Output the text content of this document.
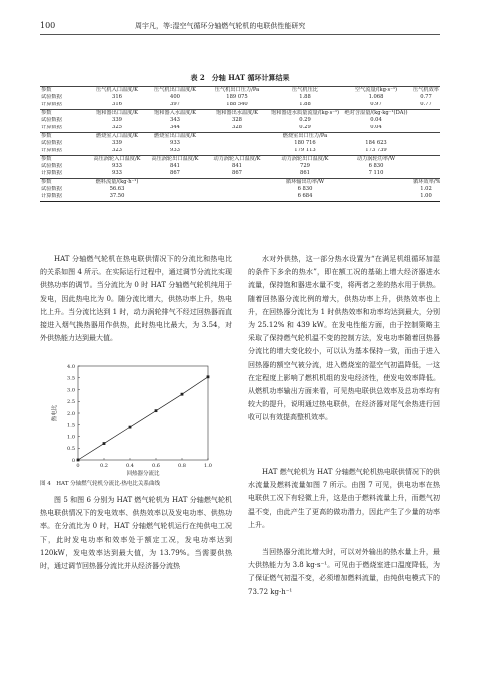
100	周宇凡，等:湿空气循环分轴燃气轮机的电联供性能研究
表 2　分轴 HAT 循环计算结果
参数	压气机入口温度/K	压气机出口温度/K	压气机出口压力/Pa	压气机压比	空气流量/(kg·s⁻¹)	压气机效率
试验数据	316	400	189 075	1.88	1.068	0.77
计算数据	316	397	188 540	1.88	0.97	0.77
参数	饱和器出口温度/K	饱和器入水温度/K	饱和器出水温度/K	饱和器进水质量流量/(kg·s⁻¹)	绝对含湿量/(kg·kg⁻¹(DA))	
试验数据	339	343	328	0.29	0.04	
计算数据	325	344	328	0.29	0.04	
参数	燃烧室入口温度/K	燃烧室出口温度/K		燃烧室出口压力/Pa		
试验数据	339	933		180 716	184 623	
计算数据	323	933		179 113	173 739	
参数	高压涡轮入口温度/K	高压涡轮出口温度/K	动力涡轮入口温度/K	动力涡轮出口温度/K	动力涡轮功率/W	
试验数据	933	841	841	729	6 830	
计算数据	933	867	867	861	7 110	
参数	燃料流量/(kg·h⁻¹)			循环输出功率/W		循环效率/%
试验数据	56.63			6 830		1.02
计算数据	37.50			6 684		1.00

HAT 分轴燃气轮机在热电联供情况下的分流比和热电比的关系如图 4 所示。在实际运行过程中，通过调节分流比实现供热功率的调节。当分流比为 0 时 HAT 分轴燃气轮机纯用于发电，因此热电比为 0。随分流比增大，供热功率上升，热电比上升。当分流比达到 1 时，动力涡轮排气不经过回热器而直接进入烟气换热器用作供热，此时热电比最大，为 3.54，对外供热能力达到最大值。

0
0.5
1.0
1.5
2.0
2.5
3.0
3.5
4.0
0	0.2	0.4	0.6	0.8	1.0
热电比
回热器分流比
图 4　HAT 分轴燃气轮机分流比-热电比关系曲线

图 5 和图 6 分别为 HAT 燃气轮机为 HAT 分轴燃气轮机热电联供情况下的发电效率、供热效率以及发电功率、供热功率。在分流比为 0 时，HAT 分轴燃气轮机运行在纯供电工况下，此时发电功率和效率处于额定工况，发电功率达到 120kW，发电效率达到最大值，为 13.79%。当需要供热时，通过调节回热器分流比并从经济器分流热

水对外供热，这一部分热水设置为“在满足机组循环加湿的条件下多余的热水”，即在额工况的基础上增大经济器进水流量，保持饱和器进水量不变，将两者之差的热水用于供热。随着回热器分流比例的增大，供热功率上升，供热效率也上升，在回热器分流比为 1 时供热效率和功率均达到最大，分别为 25.12% 和 439 kW。在发电性能方面，由于控制策略主采取了保持燃气轮机温不变的控制方法，发电功率随着回热器分流比的增大变化较小，可以认为基本保持一致，而由于进入回热器的额空气被分流，进入燃烧室的湿空气初温降低，一这在定程度上影响了燃机机组的发电经济性，使发电效率降低。从燃机功率输出方面来看，可见热电联供总效率及总功率均有较大的提升，说明通过热电联供，在经济器对尾气余热进行回收可以有效提高整机效率。

HAT 燃气轮机为 HAT 分轴燃气轮机热电联供情况下的供水流量及燃料流量如图 7 所示。由图 7 可见，供电功率在热电联供工况下有轻微上升，这是由于燃料流量上升，而燃气初温不变，由此产生了更高的做功潜力，因此产生了少量的功率上升。

当回热器分流比增大时，可以对外输出的热水量上升，最大供热能力为 3.8 kg·s⁻¹。可见由于燃烧室进口温度降低，为了保证燃气初温不变，必须增加燃料流量，由纯供电模式下的 73.72 kg·h⁻¹
